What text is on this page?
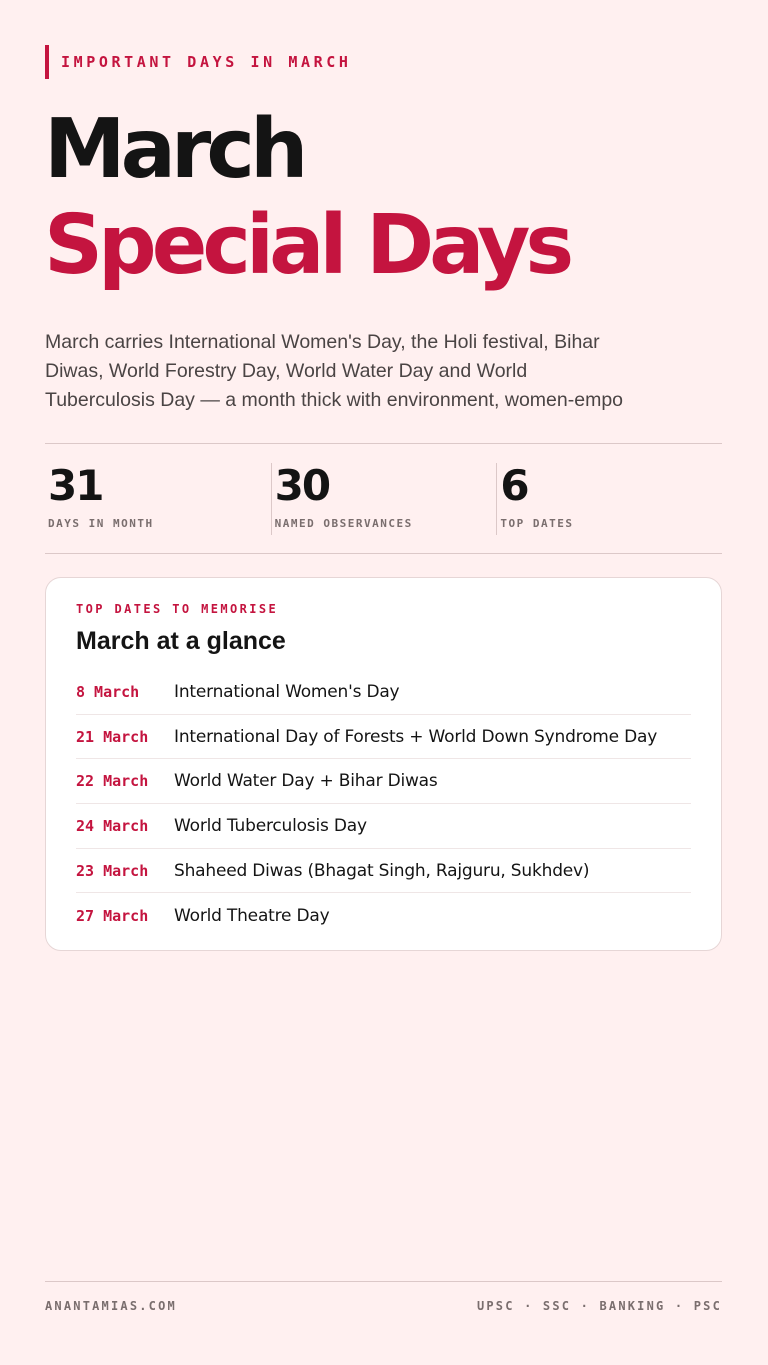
IMPORTANT DAYS IN MARCH
March
Special Days

March carries International Women's Day, the Holi festival, Bihar
Diwas, World Forestry Day, World Water Day and World
Tuberculosis Day — a month thick with environment, women-empo

31
DAYS IN MONTH
30
NAMED OBSERVANCES
6
TOP DATES
TOP DATES TO MEMORISE
March at a glance
8 March	International Women's Day
21 March	International Day of Forests + World Down Syndrome Day
22 March	World Water Day + Bihar Diwas
24 March	World Tuberculosis Day
23 March	Shaheed Diwas (Bhagat Singh, Rajguru, Sukhdev)
27 March	World Theatre Day
ANANTAMIAS.COM	UPSC · SSC · BANKING · PSC
